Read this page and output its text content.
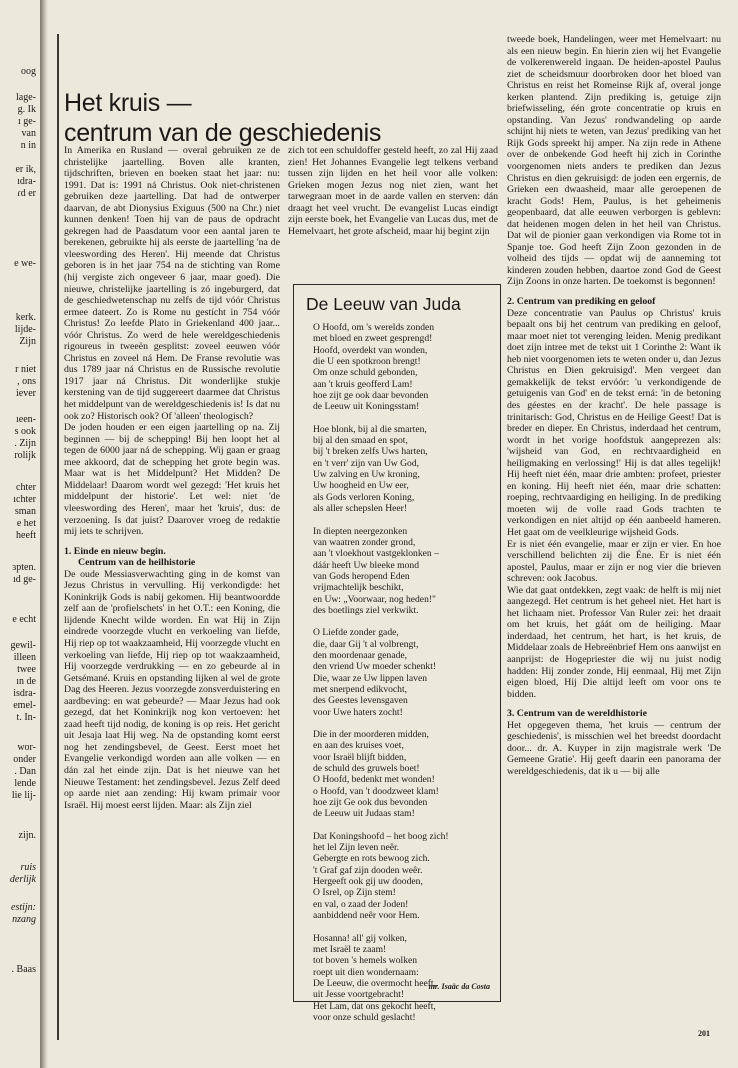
oog
lage-
g. Ik
ı ge-
van
n in
er ik,
ıdra-
ɾd er
e we-
kerk.
lijde-
Zijn
r niet
, ons
iever
ıeen-
s ook
. Zijn
rolijk
chter
ıchter
sman
e het
heeft
ɜpten.
ıd ge-
e echt
gewil-
illeen
twee
ın de
isdra-
emel-
t. In-
wor-
onder
. Dan
lende
lie lij-
zijn.
ruis
derlijk
estijn:
nzang
. Baas
Het kruis —
centrum van de geschiedenis

In Amerika en Rusland — overal gebruiken ze de christelijke jaartelling. Boven alle kranten, tijdschriften, brieven en boeken staat het jaar: nu: 1991. Dat is: 1991 ná Christus. Ook niet-christenen gebruiken deze jaartelling. Dat had de ontwerper daarvan, de abt Dionysius Exiguus (500 na Chr.) niet kunnen denken! Toen hij van de paus de opdracht gekregen had de Paasdatum voor een aantal jaren te berekenen, gebruikte hij als eerste de jaartelling 'na de vleeswording des Heren'. Hij meende dat Christus geboren is in het jaar 754 na de stichting van Rome (hij vergiste zich ongeveer 6 jaar, maar goed). Die nieuwe, christelijke jaartelling is zó ingeburgerd, dat de geschiedwetenschap nu zelfs de tijd vóór Christus ermee dateert. Zo is Rome nu gestícht in 754 vóór Christus! Zo leefde Plato in Griekenland 400 jaar... vóór Christus. Zo werd de hele wereldgeschiedenis rigoureus in tweeën gesplitst: zoveel eeuwen vóór Christus en zoveel ná Hem. De Franse revolutie was dus 1789 jaar ná Christus en de Russische revolutie 1917 jaar ná Christus. Dit wonderlijke stukje kerstening van de tijd suggereert daarmee dat Christus het middelpunt van de wereldgeschiedenis is! Is dat nu ook zo? Historisch ook? Of 'alleen' theologisch?

De joden houden er een eigen jaartelling op na. Zij beginnen — bij de schepping! Bij hen loopt het al tegen de 6000 jaar ná de schepping. Wij gaan er graag mee akkoord, dat de schepping het grote begin was. Maar wat is het Middelpunt? Het Midden? De Middelaar! Daarom wordt wel gezegd: 'Het kruis het middelpunt der historie'. Let wel: niet 'de vleeswording des Heren', maar het 'kruis', dus: de verzoening. Is dat juist? Daarover vroeg de redaktie mij iets te schrijven.

1. Einde en nieuw begin.

Centrum van de heilhistorie

De oude Messiasverwachting ging in de komst van Jezus Christus in vervulling. Hij verkondigde: het Koninkrijk Gods is nabij gekomen. Hij beantwoordde zelf aan de 'profielschets' in het O.T.: een Koning, die lijdende Knecht wilde worden. En wat Hij in Zijn eindrede voorzegde vlucht en verkoeling van liefde, Hij riep op tot waakzaamheid, Hij voorzegde vlucht en verkoeling van liefde, Hij riep op tot waakzaamheid, Hij voorzegde verdrukking — en zo gebeurde al in Getsémané. Kruis en opstanding lijken al wel de grote Dag des Heeren. Jezus voorzegde zonsverduistering en aardbeving: en wat gebeurde? — Maar Jezus had ook gezegd, dat het Koninkrijk nog kon vertoeven: het zaad heeft tijd nodig, de koning is op reis. Het gericht uit Jesaja laat Hij weg. Na de opstanding komt eerst nog het zendingsbevel, de Geest. Eerst moet het Evangelie verkondigd worden aan alle volken — en dán zal het einde zijn. Dat is het nieuwe van het Nieuwe Testament: het zendingsbevel. Jezus Zelf deed op aarde niet aan zending: Hij kwam primair voor Israël. Hij moest eerst lijden. Maar: als Zijn ziel

zich tot een schuldoffer gesteld heeft, zo zal Hij zaad zien! Het Johannes Evangelie legt telkens verband tussen zijn lijden en het heil voor alle volken: Grieken mogen Jezus nog niet zien, want het tarwegraan moet in de aarde vallen en sterven: dán draagt het veel vrucht. De evangelist Lucas eindigt zijn eerste boek, het Evangelie van Lucas dus, met de Hemelvaart, het grote afscheid, maar hij begint zijn

De Leeuw van Juda
O Hoofd, om 's werelds zonden
met bloed en zweet gesprengd!
Hoofd, overdekt van wonden,
die U een spotkroon brengt!
Om onze schuld gebonden,
aan 't kruis geofferd Lam!
hoe zijt ge ook daar bevonden
de Leeuw uit Koningsstam!
Hoe blonk, bij al die smarten,
bij al den smaad en spot,
bij 't breken zelfs Uws harten,
en 't verr' zijn van Uw God,
Uw zalving en Uw kroning,
Uw hoogheid en Uw eer,
als Gods verloren Koning,
als aller schepslen Heer!
In diepten neergezonken
van waatren zonder grond,
aan 't vloekhout vastgeklonken –
dáár heeft Uw bleeke mond
van Gods heropend Eden
vrijmachtelijk beschikt,
en Uw: „Voorwaar, nog heden!"
des boetlings ziel verkwikt.
O Liefde zonder gade,
die, daar Gij 't al volbrengt,
den moordenaar genade,
den vriend Uw moeder schenkt!
Die, waar ze Uw lippen laven
met snerpend edikvocht,
des Geestes levensgaven
voor Uwe haters zocht!
Die in der moorderen midden,
en aan des kruises voet,
voor Israël blijft bidden,
de schuld des gruwels boet!
O Hoofd, bedenkt met wonden!
o Hoofd, van 't doodzweet klam!
hoe zijt Ge ook dus bevonden
de Leeuw uit Judaas stam!
Dat Koningshoofd – het boog zich!
het lel Zijn leven neêr.
Gebergte en rots bewoog zich.
't Graf gaf zijn dooden weêr.
Hergeeft ook gij uw dooden,
O Isrel, op Zijn stem!
en val, o zaad der Joden!
aanbiddend neêr voor Hem.
Hosanna! all' gij volken,
met Israël te zaam!
tot boven 's hemels wolken
roept uit dien wondernaam:
De Leeuw, die overmocht heeft,
uit Jesse voortgebracht!
Het Lam, dat ons gekocht heeft,
voor onze schuld geslacht!
mr. Isaäc da Costa

tweede boek, Handelingen, weer met Hemelvaart: nu als een nieuw begin. En hierin zien wij het Evangelie de volkerenwereld ingaan. De heiden-apostel Paulus ziet de scheidsmuur doorbroken door het bloed van Christus en reist het Romeinse Rijk af, overal jonge kerken plantend. Zijn prediking is, getuige zijn briefwisseling, één grote concentratie op kruis en opstanding. Van Jezus' rondwandeling op aarde schijnt hij niets te weten, van Jezus' prediking van het Rijk Gods spreekt hij amper. Na zijn rede in Athene over de onbekende God heeft hij zich in Corinthe voorgenomen niets anders te prediken dan Jezus Christus en dien gekruisigd: de joden een ergernis, de Grieken een dwaasheid, maar alle geroepenen de kracht Gods! Hem, Paulus, is het geheimenis geopenbaard, dat alle eeuwen verborgen is geblevn: dat heidenen mogen delen in het heil van Christus. Dat wil de pionier gaan verkondigen via Rome tot in Spanje toe. God heeft Zijn Zoon gezonden in de volheid des tijds — opdat wij de aanneming tot kinderen zouden hebben, daartoe zond God de Geest Zijn Zoons in onze harten. De toekomst is begonnen!

2. Centrum van prediking en geloof

Deze concentratie van Paulus op Christus' kruis bepaalt ons bij het centrum van prediking en geloof, maar moet niet tot verenging leiden. Menig predikant doet zijn intree met de tekst uit 1 Corinthe 2: Want ik heb niet voorgenomen iets te weten onder u, dan Jezus Christus en Dien gekruisigd'. Men vergeet dan gemakkelijk de tekst ervóór: 'u verkondigende de getuigenis van God' en de tekst erná: 'in de betoning des géestes en der kracht'. De hele passage is trinitarisch: God, Christus en de Heilige Geest! Dat is breder en dieper. En Christus, inderdaad het centrum, wordt in het vorige hoofdstuk aangeprezen als: 'wijsheid van God, en rechtvaardigheid en heiligmaking en verlossing!' Hij is dat alles tegelijk! Hij heeft niet één, maar drie ambten: profeet, priester en koning. Hij heeft niet één, maar drie schatten: roeping, rechtvaardiging en heiliging. In de prediking moeten wij de volle raad Gods trachten te verkondigen en niet altijd op één aanbeeld hameren. Het gaat om de veelkleurige wijsheid Gods.

Er is niet één evangelie, maar er zijn er vier. En hoe verschillend belichten zij die Éne. Er is niet één apostel, Paulus, maar er zijn er nog vier die brieven schreven: ook Jacobus.

Wie dat gaat ontdekken, zegt vaak: de helft is mij niet aangezegd. Het centrum is het geheel niet. Het hart is het lichaam niet. Professor Van Ruler zei: het draait om het kruis, het gáát om de heiliging. Maar inderdaad, het centrum, het hart, is het kruis, de Middelaar zoals de Hebreënbrief Hem ons aanwijst en aanprijst: de Hogepriester die wij nu juist nodig hadden: Hij zonder zonde, Hij eenmaal, Hij met Zijn eigen bloed, Hij Die altijd leeft om voor ons te bidden.

3. Centrum van de wereldhistorie

Het opgegeven thema, 'het kruis — centrum der geschiedenis', is misschien wel het breedst doordacht door... dr. A. Kuyper in zijn magistrale werk 'De Gemeene Gratie'. Hij geeft daarin een panorama der wereldgeschiedenis, dat ik u — bij alle

201
